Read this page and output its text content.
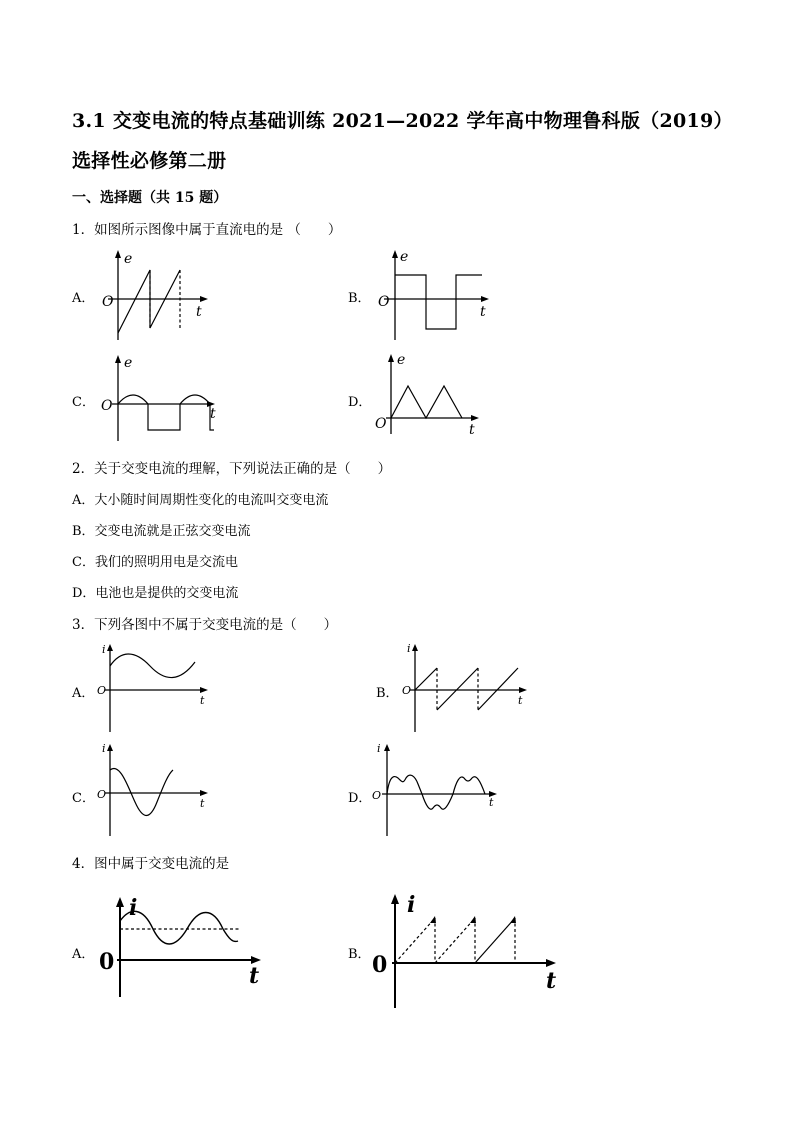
3.1 交变电流的特点基础训练 2021—2022 学年高中物理鲁科版（2019）
选择性必修第二册
一、选择题（共 15 题）
1．如图所示图像中属于直流电的是 （　　）
A．
e
t
O	B．
e
t
O
C．
e
t
O	D．
e
t
O
2．关于交变电流的理解，下列说法正确的是（　　）
A．大小随时间周期性变化的电流叫交变电流
B．交变电流就是正弦交变电流
C．我们的照明用电是交流电
D．电池也是提供的交变电流
3．下列各图中不属于交变电流的是（　　）
A．
i
t
O	B．
i
t
O
C．
i
t
O	D．
i
t
O
4．图中属于交变电流的是
A．
i
t
0	B．
i
t
0
